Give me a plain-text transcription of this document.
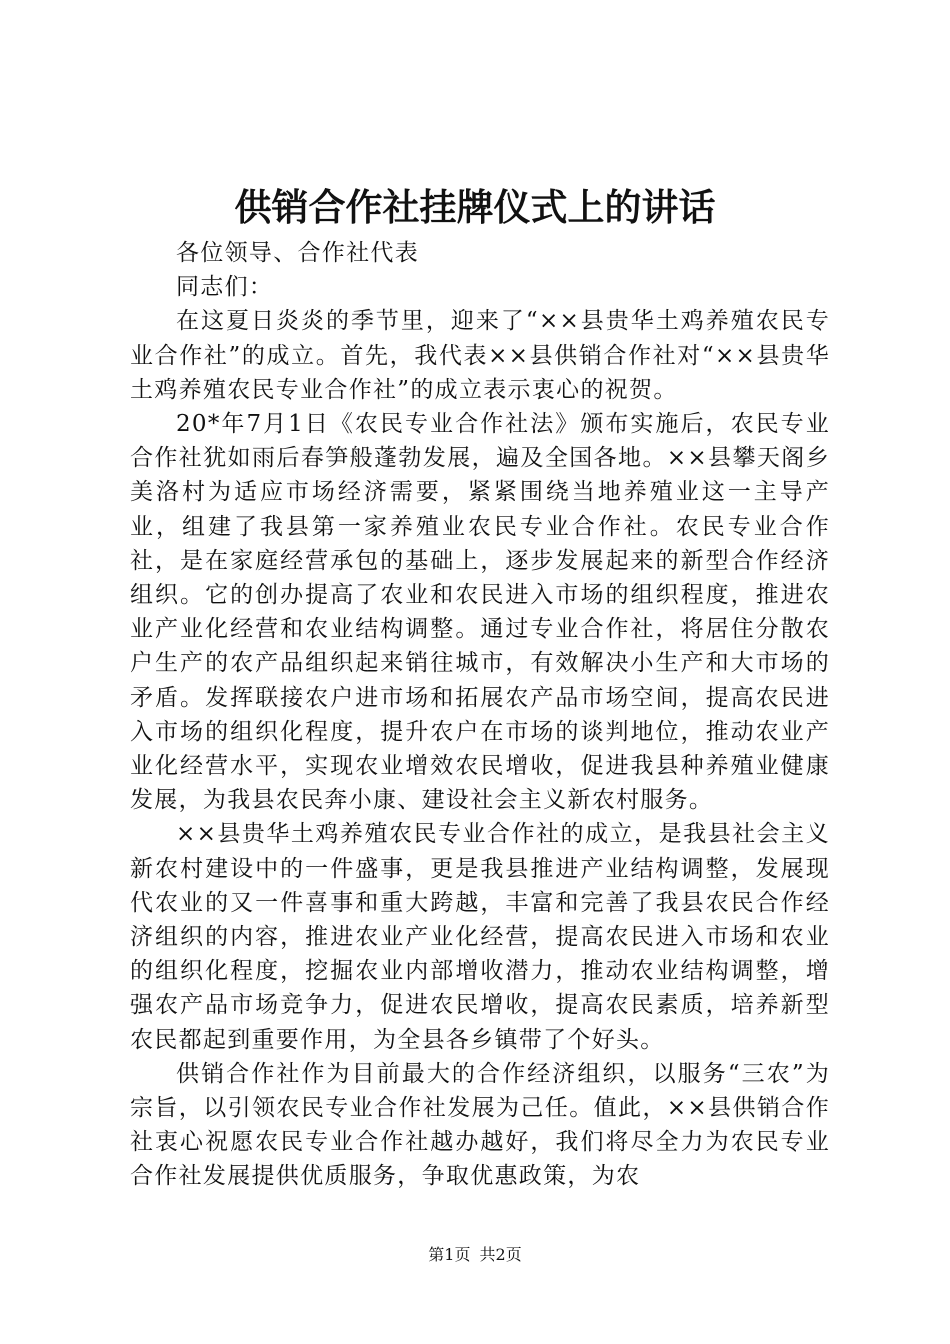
供销合作社挂牌仪式上的讲话

各位领导、合作社代表

同志们：

在这夏日炎炎的季节里，迎来了“××县贵华土鸡养殖农民专业合作社”的成立。首先，我代表××县供销合作社对“××县贵华土鸡养殖农民专业合作社”的成立表示衷心的祝贺。

20*年7月1日《农民专业合作社法》颁布实施后，农民专业合作社犹如雨后春笋般蓬勃发展，遍及全国各地。××县攀天阁乡美洛村为适应市场经济需要，紧紧围绕当地养殖业这一主导产业，组建了我县第一家养殖业农民专业合作社。农民专业合作社，是在家庭经营承包的基础上，逐步发展起来的新型合作经济组织。它的创办提高了农业和农民进入市场的组织程度，推进农业产业化经营和农业结构调整。通过专业合作社，将居住分散农户生产的农产品组织起来销往城市，有效解决小生产和大市场的矛盾。发挥联接农户进市场和拓展农产品市场空间，提高农民进入市场的组织化程度，提升农户在市场的谈判地位，推动农业产业化经营水平，实现农业增效农民增收，促进我县种养殖业健康发展，为我县农民奔小康、建设社会主义新农村服务。

××县贵华土鸡养殖农民专业合作社的成立，是我县社会主义新农村建设中的一件盛事，更是我县推进产业结构调整，发展现代农业的又一件喜事和重大跨越，丰富和完善了我县农民合作经济组织的内容，推进农业产业化经营，提高农民进入市场和农业的组织化程度，挖掘农业内部增收潜力，推动农业结构调整，增强农产品市场竞争力，促进农民增收，提高农民素质，培养新型农民都起到重要作用，为全县各乡镇带了个好头。

供销合作社作为目前最大的合作经济组织，以服务“三农”为宗旨，以引领农民专业合作社发展为己任。值此，××县供销合作社衷心祝愿农民专业合作社越办越好，我们将尽全力为农民专业合作社发展提供优质服务，争取优惠政策，为农

第1页 共2页
